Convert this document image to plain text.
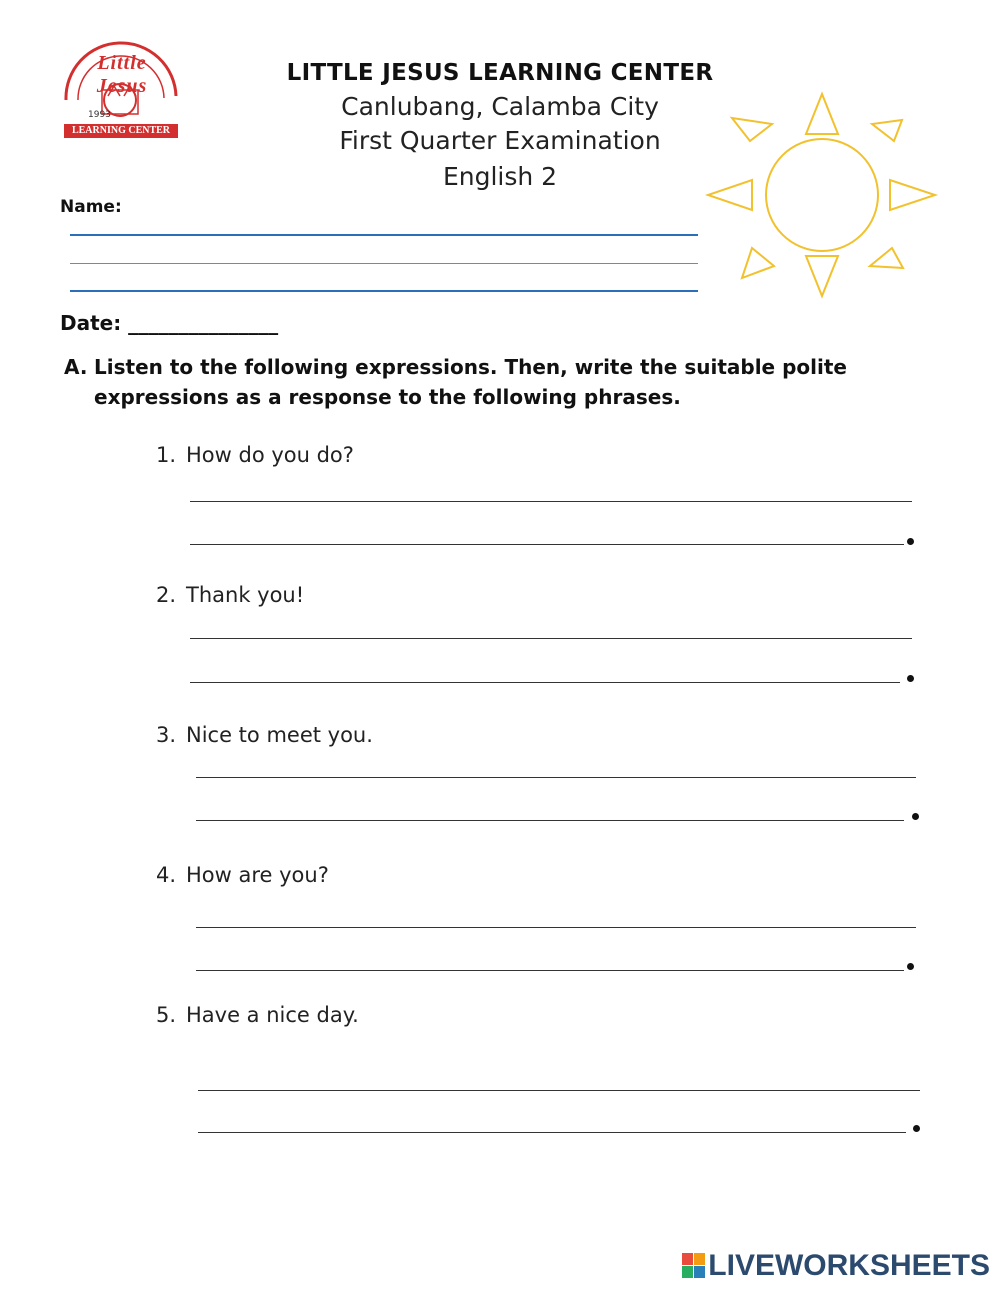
Little Jesus
1993
LEARNING CENTER
LITTLE JESUS LEARNING CENTER
Canlubang, Calamba City
First Quarter Examination
English 2
Name:
Date: _______________
A. Listen to the following expressions. Then, write the suitable polite expressions as a response to the following phrases.
1. How do you do?
2. Thank you!
3. Nice to meet you.
4. How are you?
5. Have a nice day.
LIVEWORKSHEETS
